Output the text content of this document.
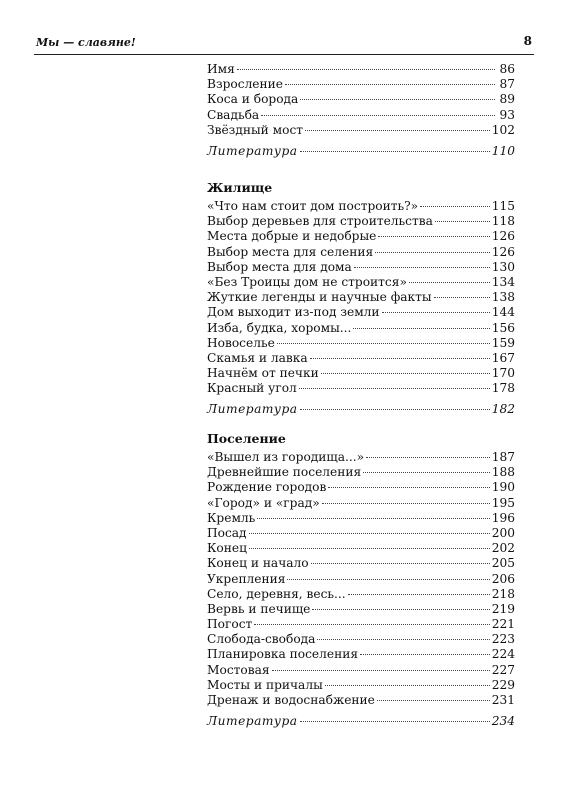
Мы — славяне!	8
Имя	86
Взросление	87
Коса и борода	89
Свадьба	93
Звёздный мост	102
Литература	110
Жилище
«Что нам стоит дом построить?»	115
Выбор деревьев для строительства	118
Места добрые и недобрые	126
Выбор места для селения	126
Выбор места для дома	130
«Без Троицы дом не строится»	134
Жуткие легенды и научные факты	138
Дом выходит из-под земли	144
Изба, будка, хоромы...	156
Новоселье	159
Скамья и лавка	167
Начнём от печки	170
Красный угол	178
Литература	182
Поселение
«Вышел из городища...»	187
Древнейшие поселения	188
Рождение городов	190
«Город» и «град»	195
Кремль	196
Посад	200
Конец	202
Конец и начало	205
Укрепления	206
Село, деревня, весь...	218
Вервь и печище	219
Погост	221
Слобода-свобода	223
Планировка поселения	224
Мостовая	227
Мосты и причалы	229
Дренаж и водоснабжение	231
Литература	234
